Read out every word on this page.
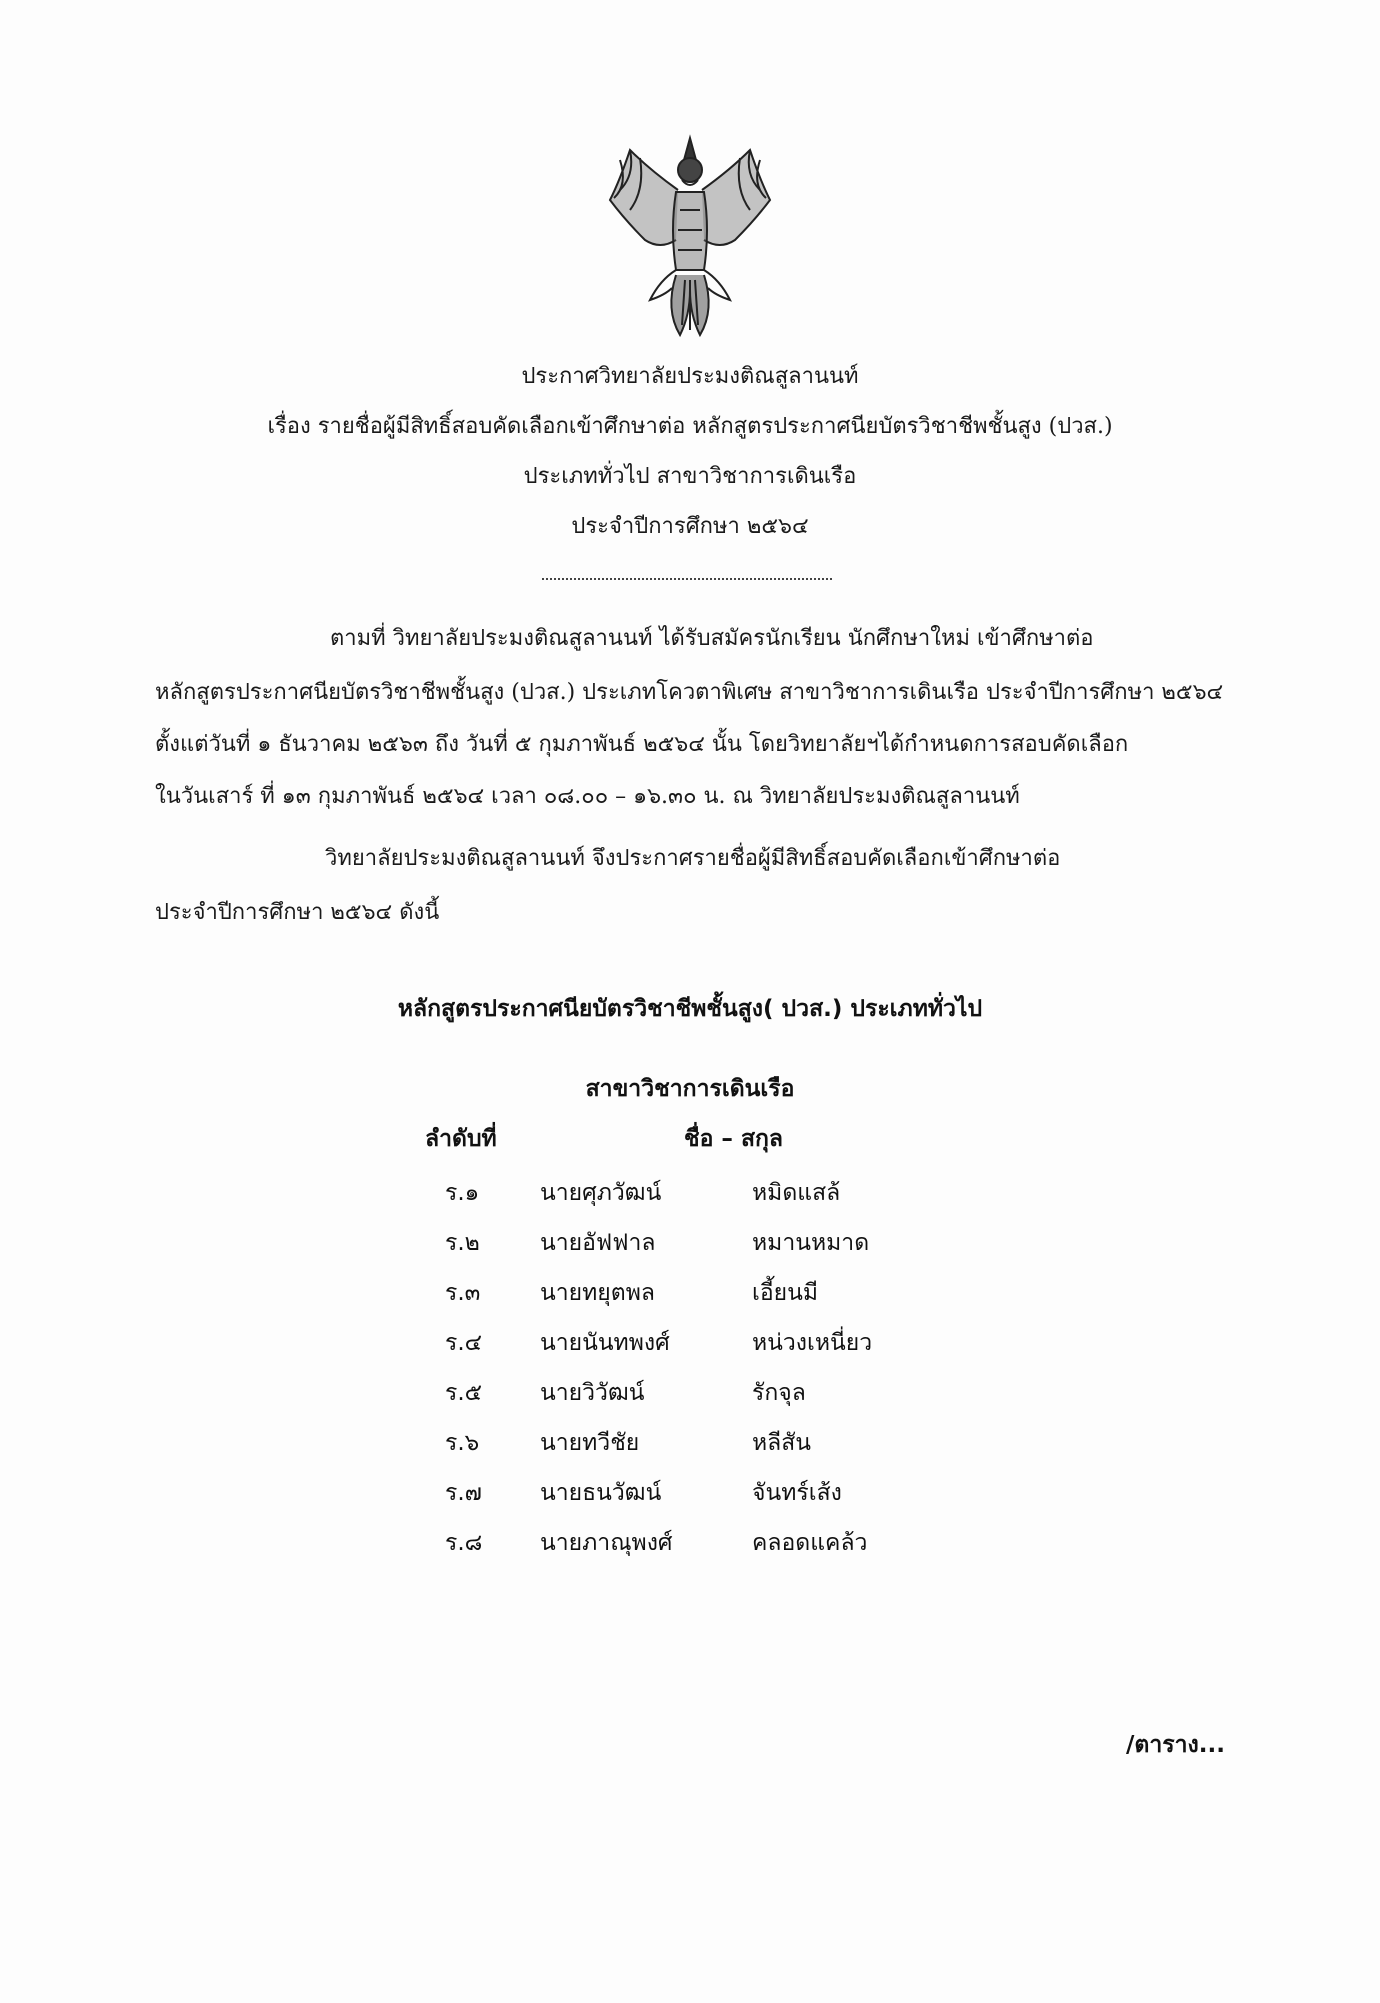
ประกาศวิทยาลัยประมงติณสูลานนท์
เรื่อง รายชื่อผู้มีสิทธิ์สอบคัดเลือกเข้าศึกษาต่อ หลักสูตรประกาศนียบัตรวิชาชีพชั้นสูง (ปวส.)
ประเภททั่วไป สาขาวิชาการเดินเรือ
ประจำปีการศึกษา ๒๕๖๔
ตามที่ วิทยาลัยประมงติณสูลานนท์ ได้รับสมัครนักเรียน นักศึกษาใหม่ เข้าศึกษาต่อ
หลักสูตรประกาศนียบัตรวิชาชีพชั้นสูง (ปวส.) ประเภทโควตาพิเศษ สาขาวิชาการเดินเรือ ประจำปีการศึกษา ๒๕๖๔
ตั้งแต่วันที่ ๑ ธันวาคม ๒๕๖๓ ถึง วันที่ ๕ กุมภาพันธ์ ๒๕๖๔ นั้น โดยวิทยาลัยฯได้กำหนดการสอบคัดเลือก
ในวันเสาร์ ที่ ๑๓ กุมภาพันธ์ ๒๕๖๔ เวลา ๐๘.๐๐ – ๑๖.๓๐ น. ณ วิทยาลัยประมงติณสูลานนท์
วิทยาลัยประมงติณสูลานนท์ จึงประกาศรายชื่อผู้มีสิทธิ์สอบคัดเลือกเข้าศึกษาต่อ
ประจำปีการศึกษา ๒๕๖๔ ดังนี้
หลักสูตรประกาศนียบัตรวิชาชีพชั้นสูง( ปวส.) ประเภททั่วไป
สาขาวิชาการเดินเรือ
ลำดับที่	ชื่อ – สกุล
ร.๑	นายศุภวัฒน์	หมิดแสล้
ร.๒	นายอัฟฟาล	หมานหมาด
ร.๓	นายทยุตพล	เอี้ยนมี
ร.๔	นายนันทพงศ์	หน่วงเหนี่ยว
ร.๕	นายวิวัฒน์	รักจุล
ร.๖	นายทวีชัย	หลีสัน
ร.๗	นายธนวัฒน์	จันทร์เส้ง
ร.๘	นายภาณุพงศ์	คลอดแคล้ว
/ตาราง...
